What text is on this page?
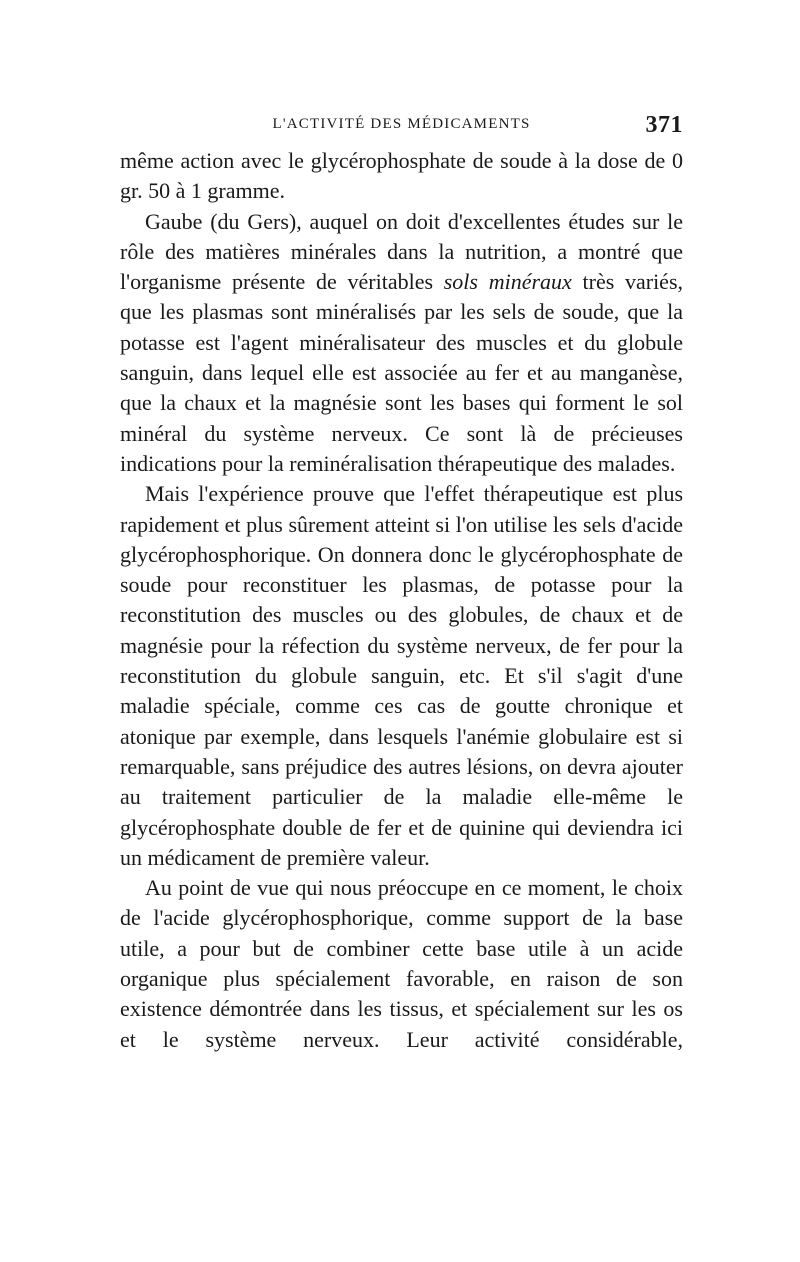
L'ACTIVITÉ DES MÉDICAMENTS	371

même action avec le glycérophosphate de soude à la dose de 0 gr. 50 à 1 gramme.

Gaube (du Gers), auquel on doit d'excellentes études sur le rôle des matières minérales dans la nutrition, a montré que l'organisme présente de véritables sols minéraux très variés, que les plasmas sont minéralisés par les sels de soude, que la potasse est l'agent minéralisateur des muscles et du globule sanguin, dans lequel elle est associée au fer et au manganèse, que la chaux et la magnésie sont les bases qui forment le sol minéral du système nerveux. Ce sont là de précieuses indications pour la reminéralisation thérapeutique des malades.

Mais l'expérience prouve que l'effet thérapeutique est plus rapidement et plus sûrement atteint si l'on utilise les sels d'acide glycérophosphorique. On donnera donc le glycérophosphate de soude pour reconstituer les plasmas, de potasse pour la reconstitution des muscles ou des globules, de chaux et de magnésie pour la réfection du système nerveux, de fer pour la reconstitution du globule sanguin, etc. Et s'il s'agit d'une maladie spéciale, comme ces cas de goutte chronique et atonique par exemple, dans lesquels l'anémie globulaire est si remarquable, sans préjudice des autres lésions, on devra ajouter au traitement particulier de la maladie elle-même le glycérophosphate double de fer et de quinine qui deviendra ici un médicament de première valeur.

Au point de vue qui nous préoccupe en ce moment, le choix de l'acide glycérophosphorique, comme support de la base utile, a pour but de combiner cette base utile à un acide organique plus spécialement favorable, en raison de son existence démontrée dans les tissus, et spécialement sur les os et le système nerveux. Leur activité considérable,
